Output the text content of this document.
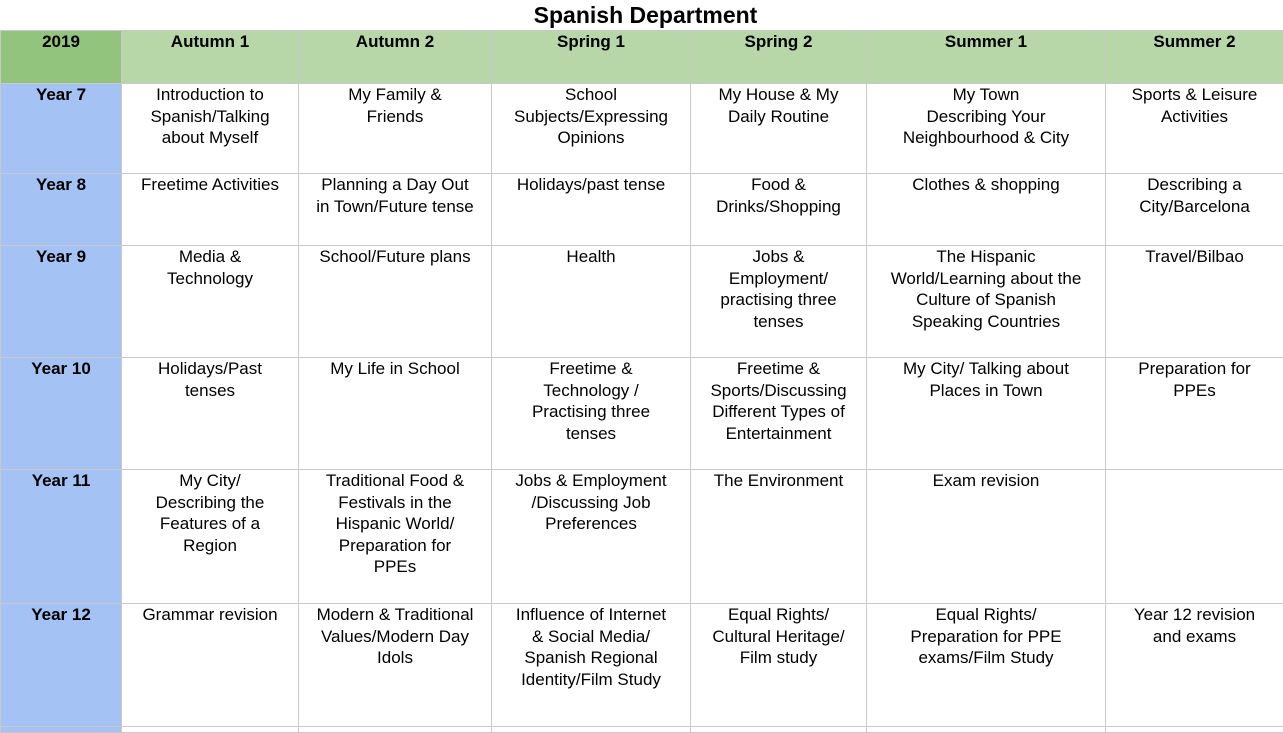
Spanish Department
2019	Autumn 1	Autumn 2	Spring 1	Spring 2	Summer 1	Summer 2
Year 7	Introduction to
Spanish/Talking
about Myself	My Family &
Friends	School
Subjects/Expressing
Opinions	My House & My
Daily Routine	My Town
Describing Your
Neighbourhood & City	Sports & Leisure
Activities
Year 8	Freetime Activities	Planning a Day Out
in Town/Future tense	Holidays/past tense	Food &
Drinks/Shopping	Clothes & shopping	Describing a
City/Barcelona
Year 9	Media &
Technology	School/Future plans	Health	Jobs &
Employment/
practising three
tenses	The Hispanic
World/Learning about the
Culture of Spanish
Speaking Countries	Travel/Bilbao
Year 10	Holidays/Past
tenses	My Life in School	Freetime &
Technology /
Practising three
tenses	Freetime &
Sports/Discussing
Different Types of
Entertainment	My City/ Talking about
Places in Town	Preparation for
PPEs
Year 11	My City/
Describing the
Features of a
Region	Traditional Food &
Festivals in the
Hispanic World/
Preparation for
PPEs	Jobs & Employment
/Discussing Job
Preferences	The Environment	Exam revision	
Year 12	Grammar revision	Modern & Traditional
Values/Modern Day
Idols	Influence of Internet
& Social Media/
Spanish Regional
Identity/Film Study	Equal Rights/
Cultural Heritage/
Film study	Equal Rights/
Preparation for PPE
exams/Film Study	Year 12 revision
and exams
